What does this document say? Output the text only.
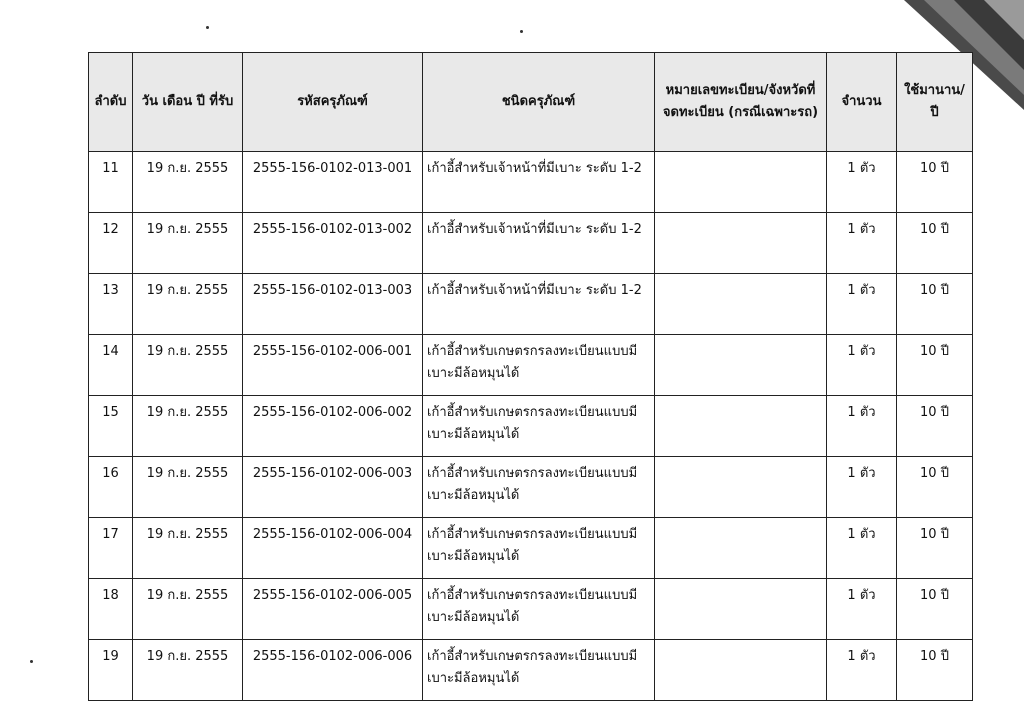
ลำดับ	วัน เดือน ปี ที่รับ	รหัสครุภัณฑ์	ชนิดครุภัณฑ์	หมายเลขทะเบียน/จังหวัดที่จดทะเบียน (กรณีเฉพาะรถ)	จำนวน	ใช้มานาน/ปี
11	19 ก.ย. 2555	2555-156-0102-013-001	เก้าอี้สำหรับเจ้าหน้าที่มีเบาะ ระดับ 1-2		1 ตัว	10 ปี
12	19 ก.ย. 2555	2555-156-0102-013-002	เก้าอี้สำหรับเจ้าหน้าที่มีเบาะ ระดับ 1-2		1 ตัว	10 ปี
13	19 ก.ย. 2555	2555-156-0102-013-003	เก้าอี้สำหรับเจ้าหน้าที่มีเบาะ ระดับ 1-2		1 ตัว	10 ปี
14	19 ก.ย. 2555	2555-156-0102-006-001	เก้าอี้สำหรับเกษตรกรลงทะเบียนแบบมีเบาะมีล้อหมุนได้		1 ตัว	10 ปี
15	19 ก.ย. 2555	2555-156-0102-006-002	เก้าอี้สำหรับเกษตรกรลงทะเบียนแบบมีเบาะมีล้อหมุนได้		1 ตัว	10 ปี
16	19 ก.ย. 2555	2555-156-0102-006-003	เก้าอี้สำหรับเกษตรกรลงทะเบียนแบบมีเบาะมีล้อหมุนได้		1 ตัว	10 ปี
17	19 ก.ย. 2555	2555-156-0102-006-004	เก้าอี้สำหรับเกษตรกรลงทะเบียนแบบมีเบาะมีล้อหมุนได้		1 ตัว	10 ปี
18	19 ก.ย. 2555	2555-156-0102-006-005	เก้าอี้สำหรับเกษตรกรลงทะเบียนแบบมีเบาะมีล้อหมุนได้		1 ตัว	10 ปี
19	19 ก.ย. 2555	2555-156-0102-006-006	เก้าอี้สำหรับเกษตรกรลงทะเบียนแบบมีเบาะมีล้อหมุนได้		1 ตัว	10 ปี
